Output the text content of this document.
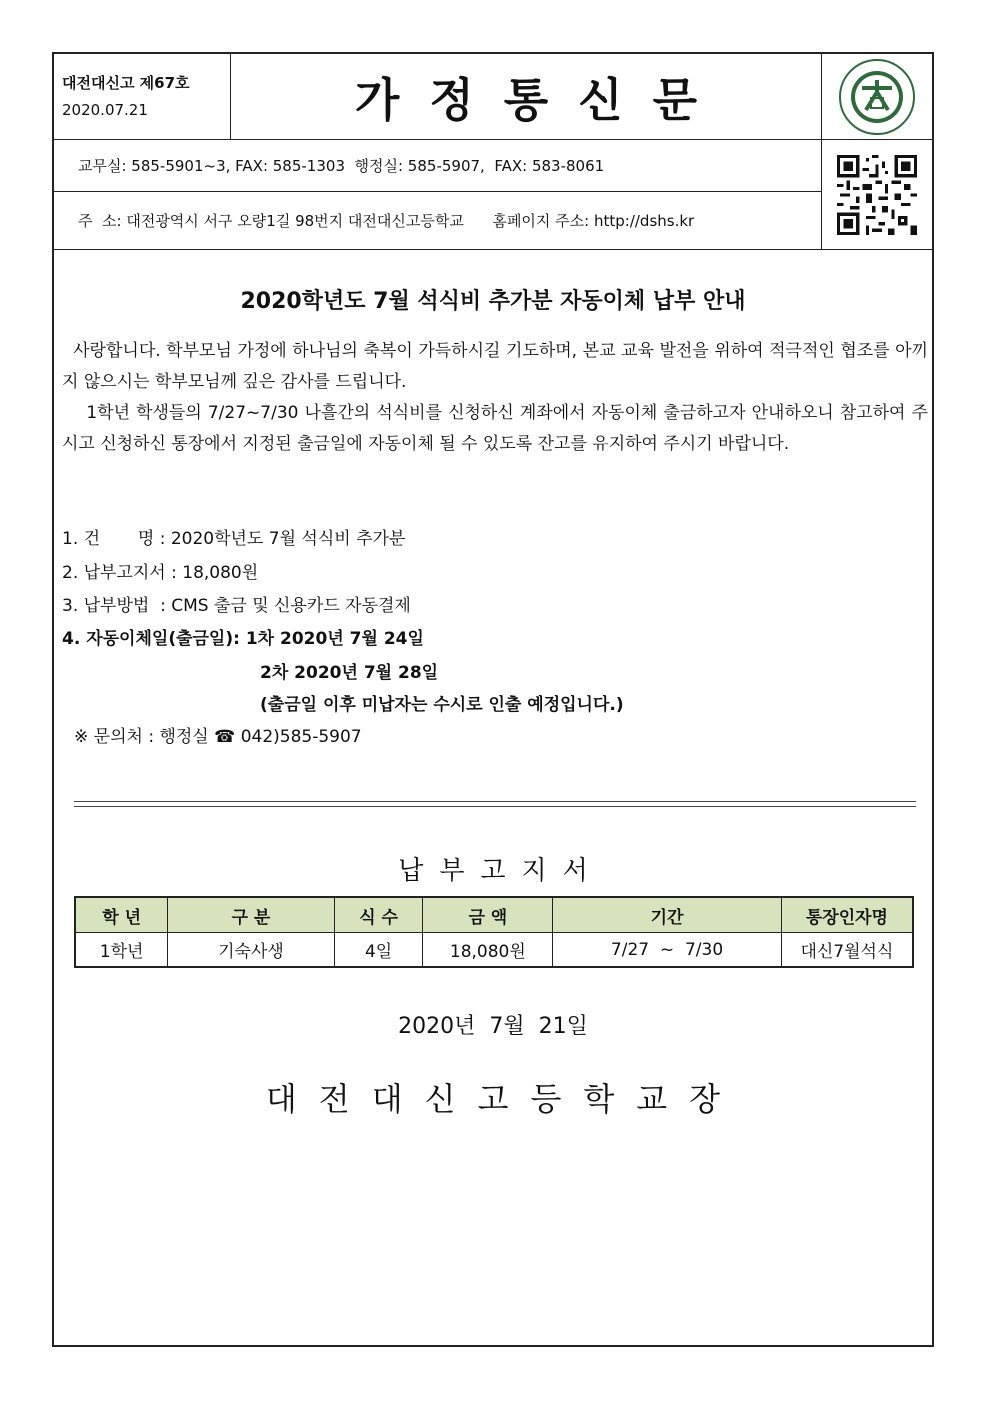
대전대신고 제67호
2020.07.21	가정통신문
교무실: 585-5901~3, FAX: 585-1303  행정실: 585-5907,  FAX: 583-8061
주  소: 대전광역시 서구 오량1길 98번지 대전대신고등학교      홈페이지 주소: http://dshs.kr
2020학년도 7월 석식비 추가분 자동이체 납부 안내
사랑합니다. 학부모님 가정에 하나님의 축복이 가득하시길 기도하며, 본교 교육 발전을 위하여 적극적인 협조를 아끼지 않으시는 학부모님께 깊은 감사를 드립니다.
1학년 학생들의 7/27~7/30 나흘간의 석식비를 신청하신 계좌에서 자동이체 출금하고자 안내하오니 참고하여 주시고 신청하신 통장에서 지정된 출금일에 자동이체 될 수 있도록 잔고를 유지하여 주시기 바랍니다.
1. 건       명 : 2020학년도 7월 석식비 추가분
2. 납부고지서 : 18,080원
3. 납부방법  : CMS 출금 및 신용카드 자동결제
4. 자동이체일(출금일): 1차 2020년 7월 24일
2차 2020년 7월 28일
(출금일 이후 미납자는 수시로 인출 예정입니다.)
※ 문의처 : 행정실 ☎ 042)585-5907
납부고지서
학 년	구 분	식 수	금 액	기간	통장인자명
1학년	기숙사생	4일	18,080원	7/27  ~  7/30	대신7월석식
2020년  7월  21일
대전대신고등학교장
